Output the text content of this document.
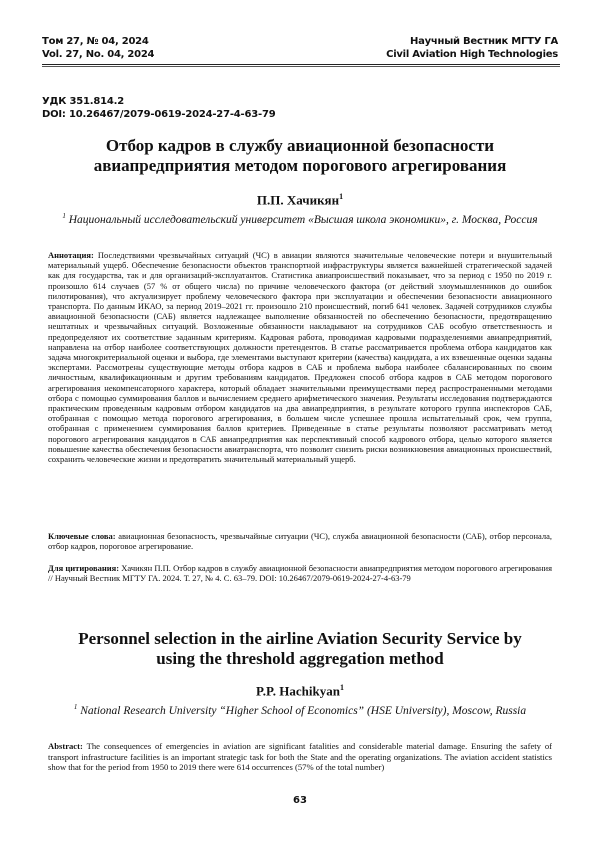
Том 27, № 04, 2024
Vol. 27, No. 04, 2024
Научный Вестник МГТУ ГА
Civil Aviation High Technologies
УДК 351.814.2
DOI: 10.26467/2079-0619-2024-27-4-63-79
Отбор кадров в службу авиационной безопасности авиапредприятия методом порогового агрегирования
П.П. Хачикян$^1$
$^1$ Национальный исследовательский университет «Высшая школа экономики», г. Москва, Россия
Аннотация: Последствиями чрезвычайных ситуаций (ЧС) в авиации являются значительные человеческие потери и внушительный материальный ущерб. Обеспечение безопасности объектов транспортной инфраструктуры является важнейшей стратегической задачей как для государства, так и для организаций-эксплуатантов. Статистика авиапроисшествий показывает, что за период с 1950 по 2019 г. произошло 614 случаев (57 % от общего числа) по причине человеческого фактора (от действий злоумышленников до ошибок пилотирования), что актуализирует проблему человеческого фактора при эксплуатации и обеспечении безопасности авиационного транспорта. По данным ИКАО, за период 2019–2021 гг. произошло 210 происшествий, погиб 641 человек. Задачей сотрудников службы авиационной безопасности (САБ) является надлежащее выполнение обязанностей по обеспечению безопасности, предотвращению нештатных и чрезвычайных ситуаций. Возложенные обязанности накладывают на сотрудников САБ особую ответственность и предопределяют их соответствие заданным критериям. Кадровая работа, проводимая кадровыми подразделениями авиапредприятий, направлена на отбор наиболее соответствующих должности претендентов. В статье рассматривается проблема отбора кандидатов как задача многокритериальной оценки и выбора, где элементами выступают критерии (качества) кандидата, а их взвешенные оценки заданы экспертами. Рассмотрены существующие методы отбора кадров в САБ и проблема выбора наиболее сбалансированных по своим личностным, квалификационным и другим требованиям кандидатов. Предложен способ отбора кадров в САБ методом порогового агрегирования некомпенсаторного характера, который обладает значительными преимуществами перед распространенными методами отбора с помощью суммирования баллов и вычислением среднего арифметического значения. Результаты исследования подтверждаются практическим проведенным кадровым отбором кандидатов на два авиапредприятия, в результате которого группа инспекторов САБ, отобранная с помощью метода порогового агрегирования, в большем числе успешнее прошла испытательный срок, чем группа, отобранная с применением суммирования баллов критериев. Приведенные в статье результаты позволяют рассматривать метод порогового агрегирования кандидатов в САБ авиапредприятия как перспективный способ кадрового отбора, целью которого является повышение качества обеспечения безопасности авиатранспорта, что позволит снизить риски возникновения авиационных происшествий, сохранить человеческие жизни и предотвратить значительный материальный ущерб.
Ключевые слова: авиационная безопасность, чрезвычайные ситуации (ЧС), служба авиационной безопасности (САБ), отбор персонала, отбор кадров, пороговое агрегирование.
Для цитирования: Хачикян П.П. Отбор кадров в службу авиационной безопасности авиапредприятия методом порогового агрегирования // Научный Вестник МГТУ ГА. 2024. Т. 27, № 4. С. 63–79. DOI: 10.26467/2079-0619-2024-27-4-63-79
Personnel selection in the airline Aviation Security Service by using the threshold aggregation method
P.P. Hachikyan$^1$
$^1$ National Research University “Higher School of Economics” (HSE University), Moscow, Russia
Abstract: The consequences of emergencies in aviation are significant fatalities and considerable material damage. Ensuring the safety of transport infrastructure facilities is an important strategic task for both the State and the operating organizations. The aviation accident statistics show that for the period from 1950 to 2019 there were 614 occurrences (57% of the total number)
63
